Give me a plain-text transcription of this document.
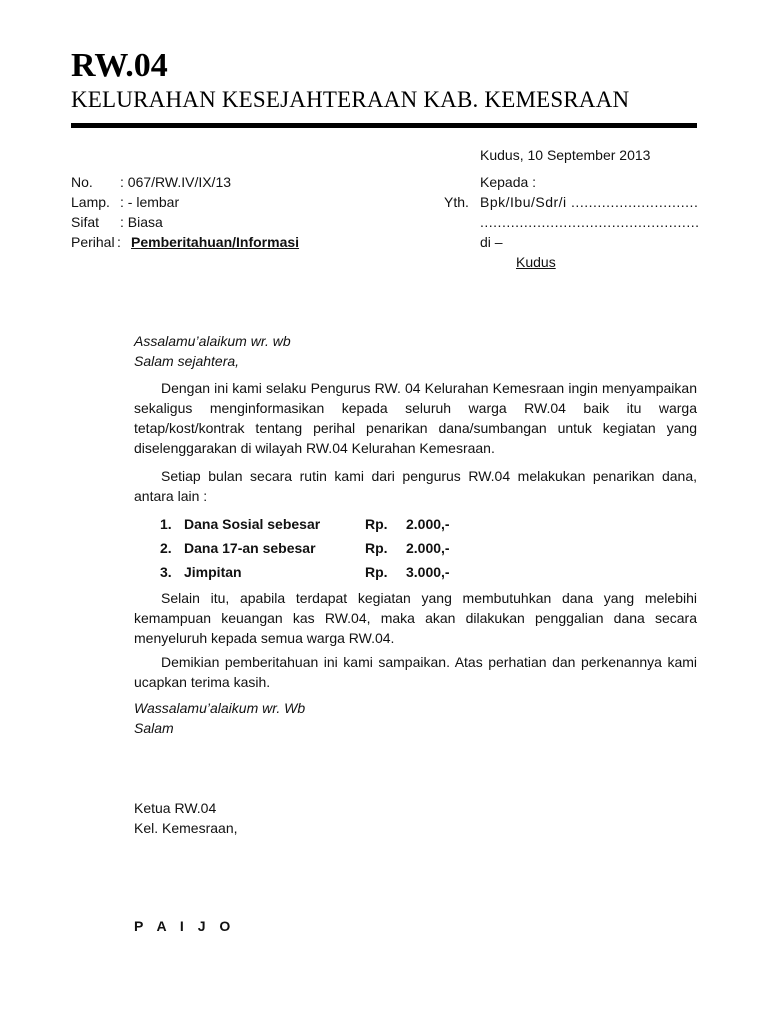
RW.04
KELURAHAN KESEJAHTERAAN KAB. KEMESRAAN
Kudus, 10 September 2013
No. : 067/RW.IV/IX/13
Lamp. : - lembar
Sifat : Biasa
Perihal : Pemberitahuan/Informasi
Kepada :
Yth. Bpk/Ibu/Sdr/i .............................
..................................................
di –
Kudus
Assalamu’alaikum wr. wb
Salam sejahtera,

Dengan ini kami selaku Pengurus RW. 04 Kelurahan Kemesraan ingin menyampaikan sekaligus menginformasikan kepada seluruh warga RW.04 baik itu warga tetap/kost/kontrak tentang perihal penarikan dana/sumbangan untuk kegiatan yang diselenggarakan di wilayah RW.04 Kelurahan Kemesraan.

Setiap bulan secara rutin kami dari pengurus RW.04 melakukan penarikan dana, antara lain :

1. Dana Sosial sebesar	Rp. 2.000,-
2. Dana 17-an sebesar	Rp. 2.000,-
3. Jimpitan	Rp. 3.000,-

Selain itu, apabila terdapat kegiatan yang membutuhkan dana yang melebihi kemampuan keuangan kas RW.04, maka akan dilakukan penggalian dana secara menyeluruh kepada semua warga RW.04.

Demikian pemberitahuan ini kami sampaikan. Atas perhatian dan perkenannya kami ucapkan terima kasih.

Wassalamu’alaikum wr. Wb
Salam
Ketua RW.04
Kel. Kemesraan,
P A I J O
